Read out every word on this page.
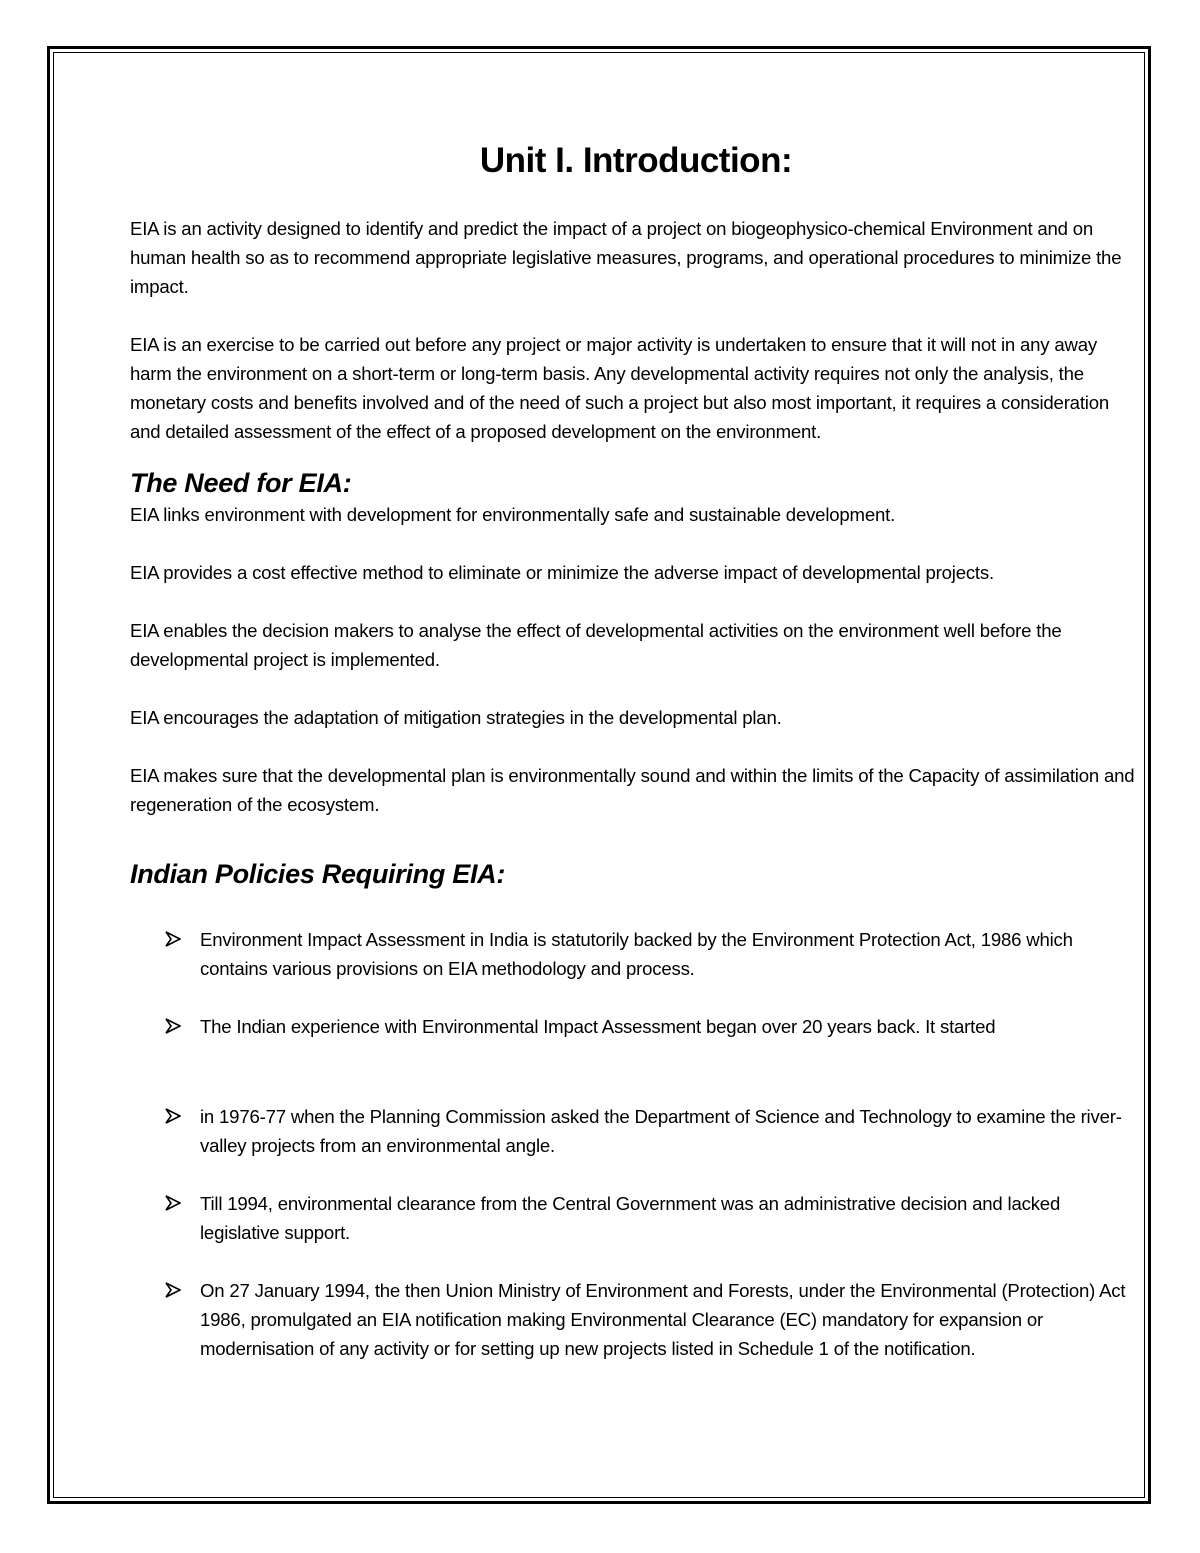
Unit I. Introduction:

EIA is an activity designed to identify and predict the impact of a project on biogeophysico-chemical Environment and on human health so as to recommend appropriate legislative measures, programs, and operational procedures to minimize the impact.

EIA is an exercise to be carried out before any project or major activity is undertaken to ensure that it will not in any away harm the environment on a short-term or long-term basis. Any developmental activity requires not only the analysis, the monetary costs and benefits involved and of the need of such a project but also most important, it requires a consideration and detailed assessment of the effect of a proposed development on the environment.

The Need for EIA:

EIA links environment with development for environmentally safe and sustainable development.

EIA provides a cost effective method to eliminate or minimize the adverse impact of developmental projects.

EIA enables the decision makers to analyse the effect of developmental activities on the environment well before the developmental project is implemented.

EIA encourages the adaptation of mitigation strategies in the developmental plan.

EIA makes sure that the developmental plan is environmentally sound and within the limits of the Capacity of assimilation and regeneration of the ecosystem.

Indian Policies Requiring EIA:
Environment Impact Assessment in India is statutorily backed by the Environment Protection Act, 1986 which contains various provisions on EIA methodology and process.
The Indian experience with Environmental Impact Assessment began over 20 years back. It started
in 1976-77 when the Planning Commission asked the Department of Science and Technology to examine the river-valley projects from an environmental angle.
Till 1994, environmental clearance from the Central Government was an administrative decision and lacked legislative support.
On 27 January 1994, the then Union Ministry of Environment and Forests, under the Environmental (Protection) Act 1986, promulgated an EIA notification making Environmental Clearance (EC) mandatory for expansion or modernisation of any activity or for setting up new projects listed in Schedule 1 of the notification.
